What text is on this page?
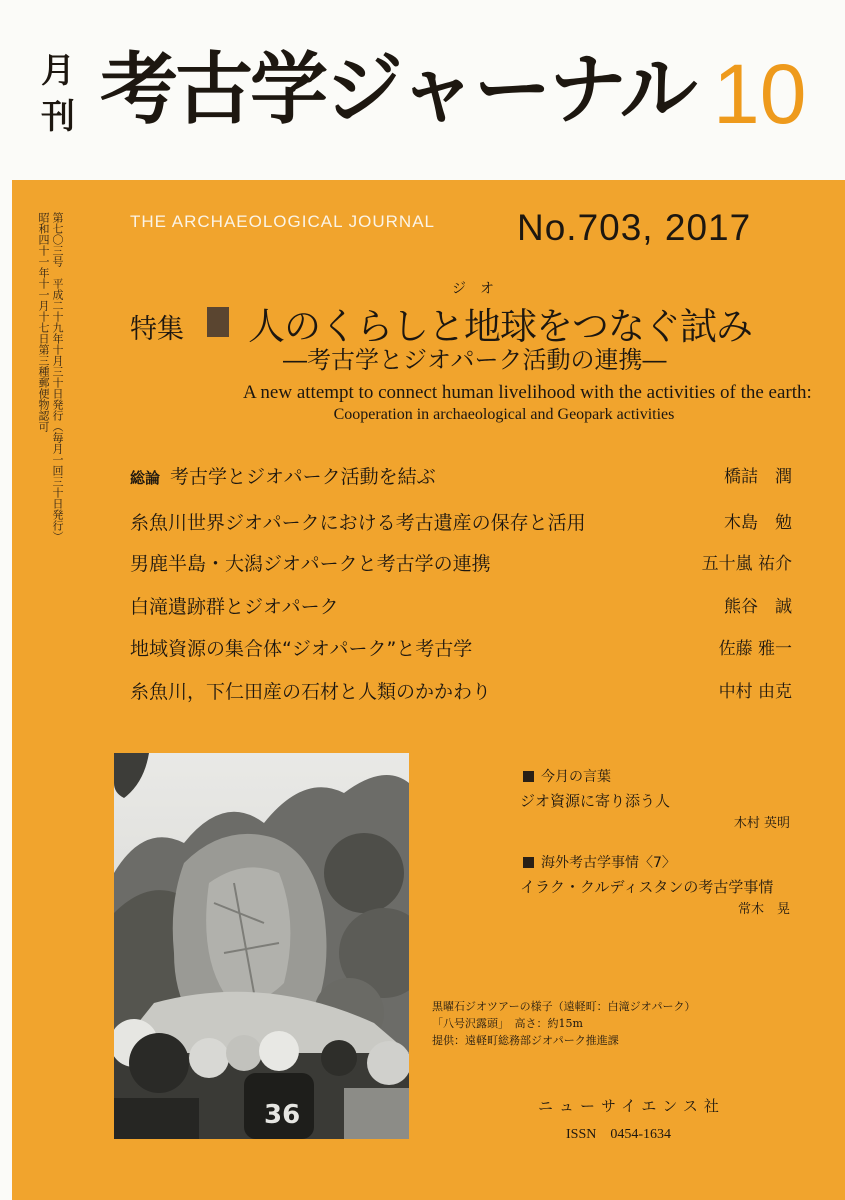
月
刊 考古学ジャーナル 10
第七〇三号　平成二十九年十月三十日発行（毎月一回三十日発行）
昭和四十一年十一月十七日第三種郵便物認可	THE ARCHAEOLOGICAL JOURNAL No.703, 2017
特集
ジオ
人のくらしと地球をつなぐ試み
―考古学とジオパーク活動の連携―
A new attempt to connect human livelihood with the activities of the earth:
Cooperation in archaeological and Geopark activities
総論 考古学とジオパーク活動を結ぶ	橋詰　潤
糸魚川世界ジオパークにおける考古遺産の保存と活用	木島　勉
男鹿半島・大潟ジオパークと考古学の連携	五十嵐 祐介
白滝遺跡群とジオパーク	熊谷　誠
地域資源の集合体“ジオパーク”と考古学	佐藤 雅一
糸魚川，下仁田産の石材と人類のかかわり	中村 由克
36
今月の言葉
ジオ資源に寄り添う人
木村 英明
海外考古学事情〈7〉
イラク・クルディスタンの考古学事情
常木　晃
黒曜石ジオツアーの様子（遠軽町：白滝ジオパーク）
「八号沢露頭」　高さ：約15m
提供：遠軽町総務部ジオパーク推進課
ニューサイエンス社
ISSN　0454-1634
